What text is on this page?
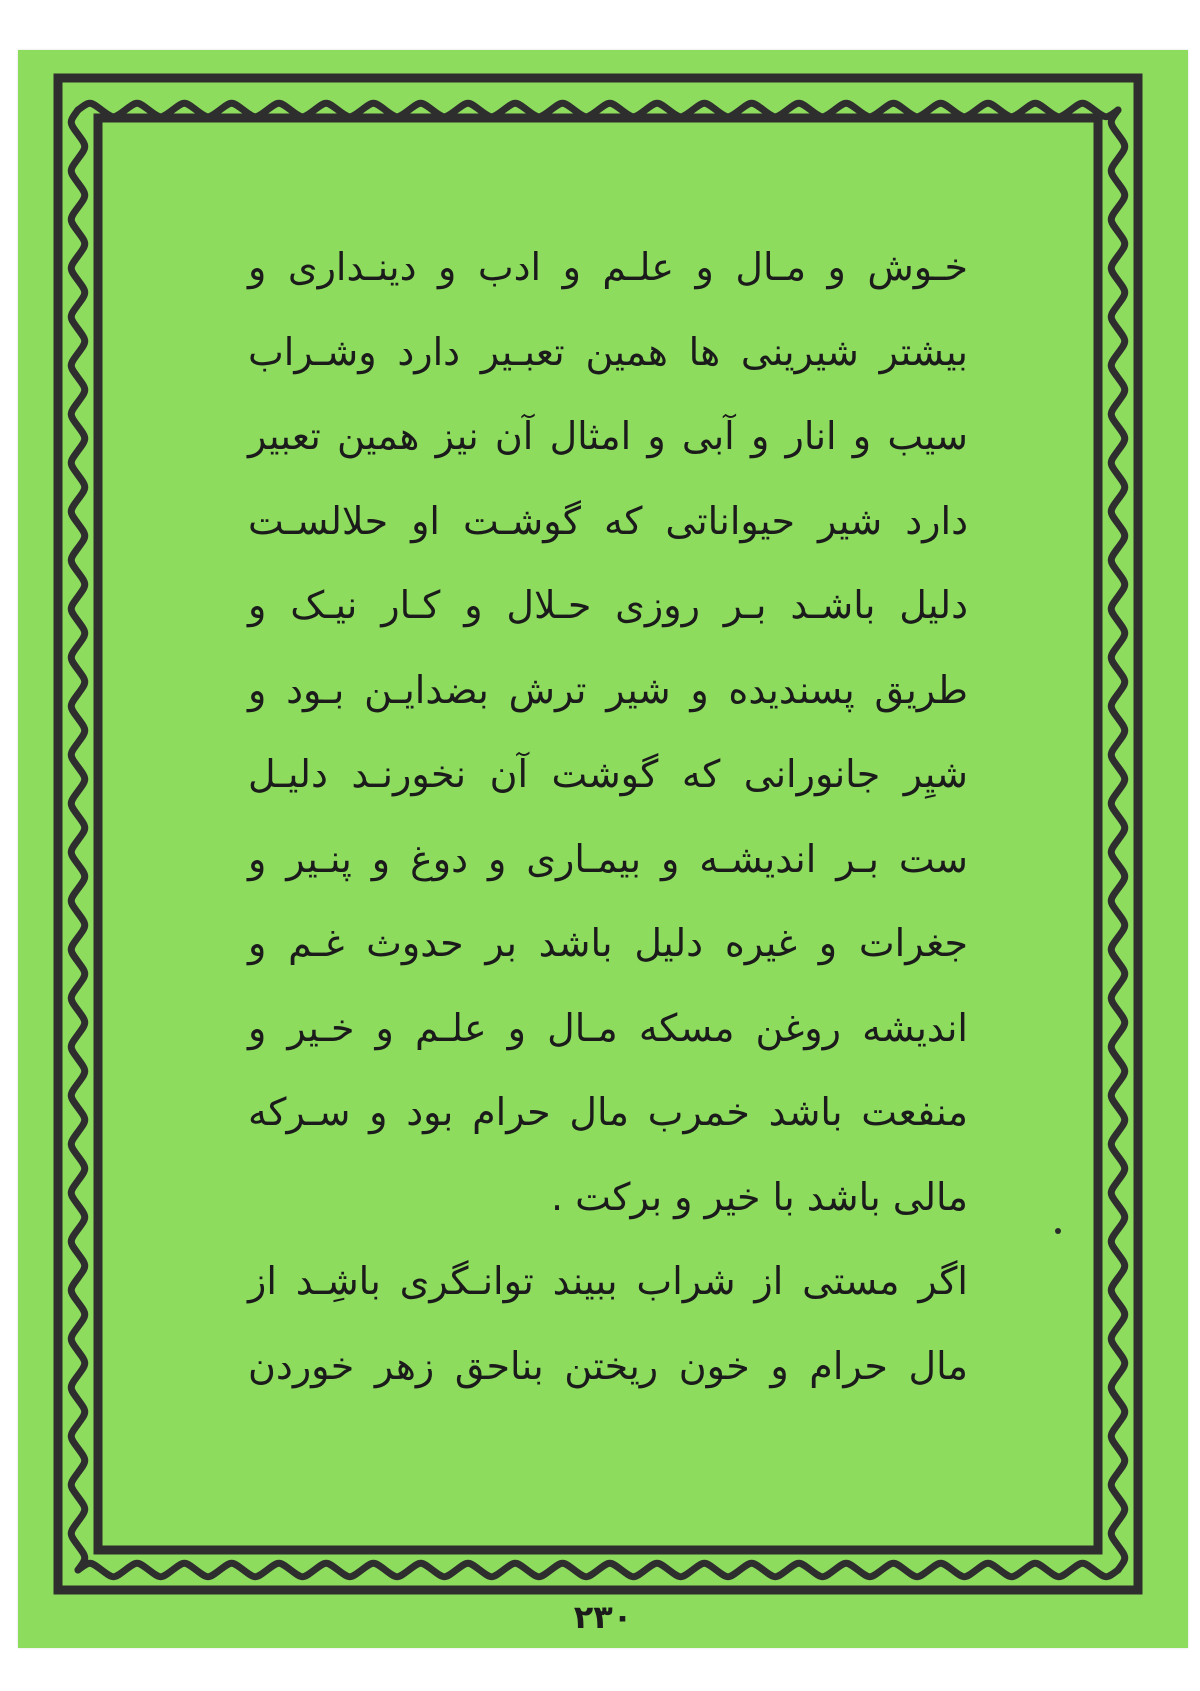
خـوش و مـال و علـم و ادب و دینـداری و
بیشتر شیرینی ها همین تعبـیر دارد وشـراب
سیب و انار و آبی و امثال آن نیز همین تعبیر
دارد شیر حیواناتی که گوشـت او حلالسـت
دلیل باشـد بـر روزی حـلال و کـار نیـک و
طریق پسندیده و شیر ترش بضدایـن بـود و
شیِر جانورانی که گوشت آن نخورنـد دلیـل
ست بـر اندیشـه و بیمـاری و دوغ و پنـیر و
جغرات و غیره دلیل باشد بر حدوث غـم و
اندیشه روغن مسکه مـال و علـم و خـیر و
منفعت باشد خمرب مال حرام بود و سـرکه
مالی باشد با خیر و برکت .
اگر مستی از شراب ببیند توانـگری باشِـد از
مال حرام و خون ریختن بناحق زهر خوردن
۲۳۰
